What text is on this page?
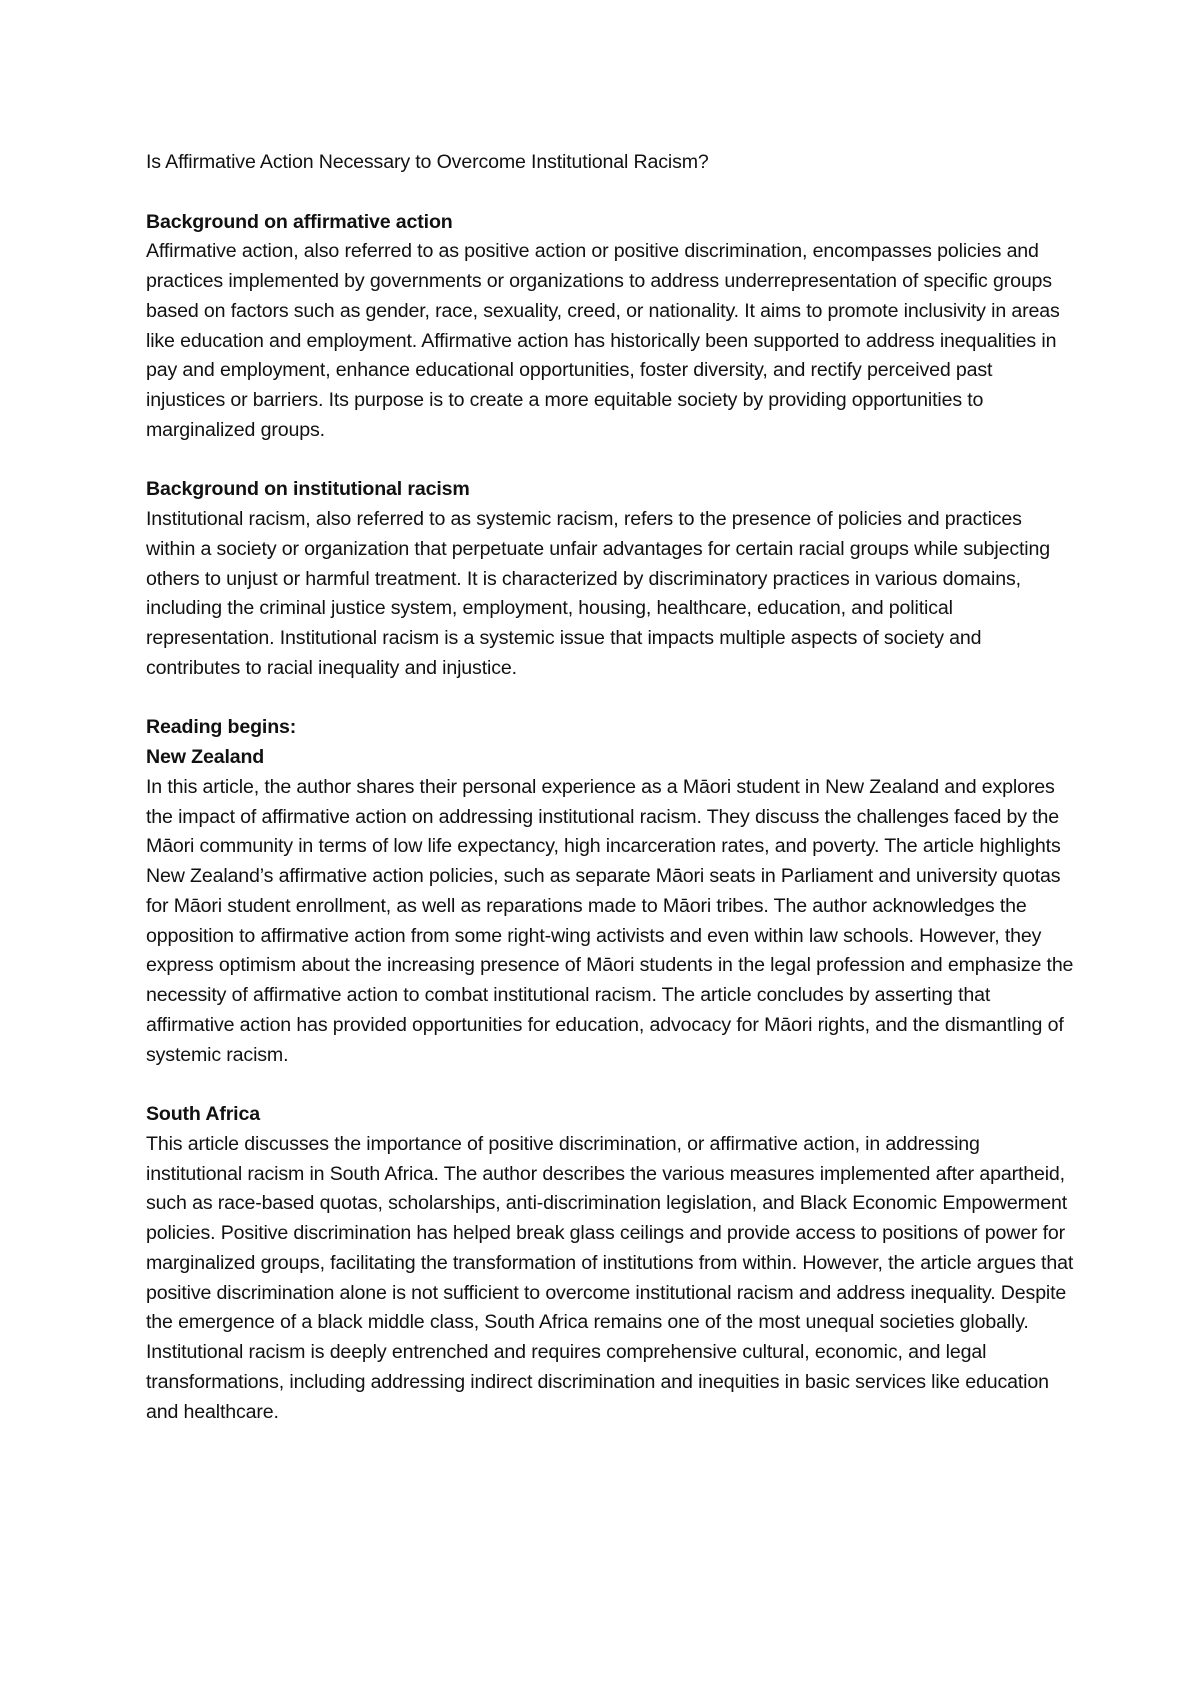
Is Affirmative Action Necessary to Overcome Institutional Racism?

Background on affirmative action

Affirmative action, also referred to as positive action or positive discrimination, encompasses policies and practices implemented by governments or organizations to address underrepresentation of specific groups based on factors such as gender, race, sexuality, creed, or nationality. It aims to promote inclusivity in areas like education and employment. Affirmative action has historically been supported to address inequalities in pay and employment, enhance educational opportunities, foster diversity, and rectify perceived past injustices or barriers. Its purpose is to create a more equitable society by providing opportunities to marginalized groups.

Background on institutional racism

Institutional racism, also referred to as systemic racism, refers to the presence of policies and practices within a society or organization that perpetuate unfair advantages for certain racial groups while subjecting others to unjust or harmful treatment. It is characterized by discriminatory practices in various domains, including the criminal justice system, employment, housing, healthcare, education, and political representation. Institutional racism is a systemic issue that impacts multiple aspects of society and contributes to racial inequality and injustice.

Reading begins:
New Zealand

In this article, the author shares their personal experience as a Māori student in New Zealand and explores the impact of affirmative action on addressing institutional racism. They discuss the challenges faced by the Māori community in terms of low life expectancy, high incarceration rates, and poverty. The article highlights New Zealand’s affirmative action policies, such as separate Māori seats in Parliament and university quotas for Māori student enrollment, as well as reparations made to Māori tribes. The author acknowledges the opposition to affirmative action from some right-wing activists and even within law schools. However, they express optimism about the increasing presence of Māori students in the legal profession and emphasize the necessity of affirmative action to combat institutional racism. The article concludes by asserting that affirmative action has provided opportunities for education, advocacy for Māori rights, and the dismantling of systemic racism.

South Africa

This article discusses the importance of positive discrimination, or affirmative action, in addressing institutional racism in South Africa. The author describes the various measures implemented after apartheid, such as race-based quotas, scholarships, anti-discrimination legislation, and Black Economic Empowerment policies. Positive discrimination has helped break glass ceilings and provide access to positions of power for marginalized groups, facilitating the transformation of institutions from within. However, the article argues that positive discrimination alone is not sufficient to overcome institutional racism and address inequality. Despite the emergence of a black middle class, South Africa remains one of the most unequal societies globally. Institutional racism is deeply entrenched and requires comprehensive cultural, economic, and legal transformations, including addressing indirect discrimination and inequities in basic services like education and healthcare.
